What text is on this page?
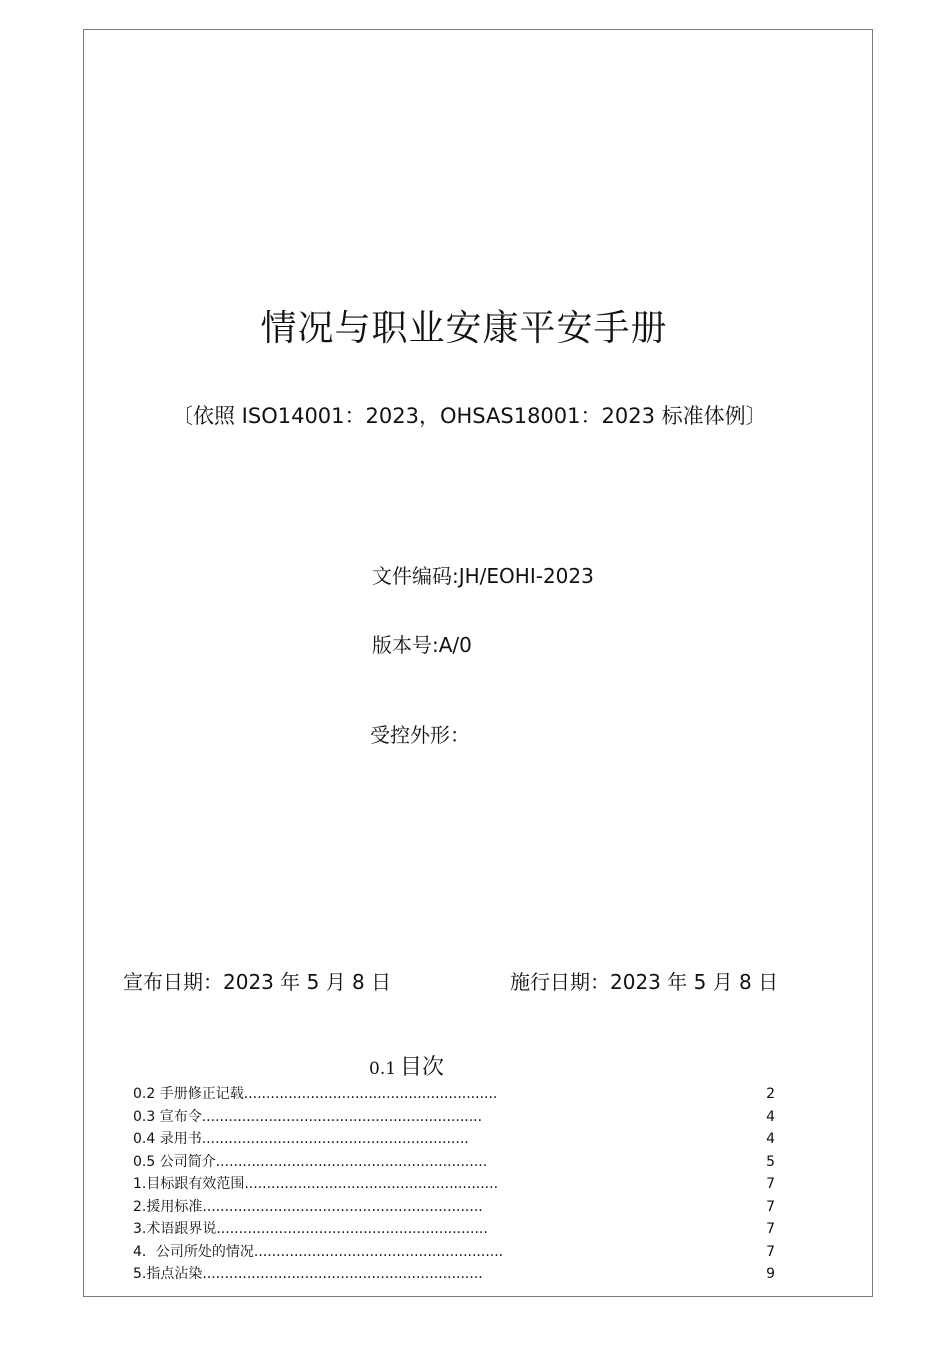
情况与职业安康平安手册
〔依照 ISO14001：2023，OHSAS18001：2023 标准体例〕
文件编码:JH/EOHI-2023
版本号:A/0
受控外形：
宣布日期：2023 年 5 月 8 日	施行日期：2023 年 5 月 8 日
0.1 目次
0.2 手册修正记载.........................................................	2
0.3 宣布令...............................................................	4
0.4 录用书............................................................	4
0.5 公司简介.............................................................	5
1.目标跟有效范围.........................................................	7
2.援用标准...............................................................	7
3.术语跟界说.............................................................	7
4．公司所处的情况........................................................	7
5.指点沾染...............................................................	9
